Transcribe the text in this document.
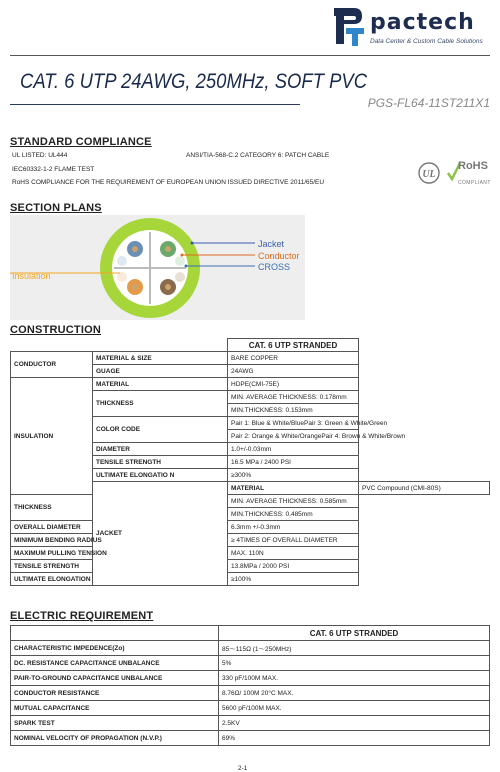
pactech
Data Center & Custom Cable Solutions
CAT. 6 UTP 24AWG, 250MHz, SOFT PVC
PGS-FL64-11ST211X1
STANDARD COMPLIANCE
UL LISTED: UL444	ANSI/TIA-568-C.2 CATEGORY 6: PATCH CABLE
IEC60332-1-2 FLAME TEST
RoHS COMPLIANCE FOR THE REQUIREMENT OF EUROPEAN UNION ISSUED DIRECTIVE 2011/65/EU
UL
RoHS
COMPLIANT
SECTION PLANS
Jacket
Conductor
CROSS
Insulation
CONSTRUCTION
		CAT. 6 UTP STRANDED	
CONDUCTOR	MATERIAL & SIZE	BARE COPPER	
	GUAGE	24AWG	
INSULATION	MATERIAL	HDPE(CMI-75E)	
	THICKNESS	MIN. AVERAGE THICKNESS: 0.178mm	
		MIN.THICKNESS: 0.153mm	
	COLOR CODE	Pair 1: Blue & White/Blue Pair 3: Green & White/Green	

		Pair 2: Orange & White/Orange Pair 4: Brown & White/Brown	

	DIAMETER	1.0+/-0.03mm	
	TENSILE STRENGTH	16.5 MPa / 2400 PSI	
	ULTIMATE ELONGATIO N	≥300%	
	JACKET	MATERIAL	PVC Compound (CMI-80S)
THICKNESS		MIN. AVERAGE THICKNESS: 0.585mm	
		MIN.THICKNESS: 0.485mm	
OVERALL DIAMETER		6.3mm +/-0.3mm	
MINIMUM BENDING RADIUS		≥ 4TIMES OF OVERALL DIAMETER	
MAXIMUM PULLING TENSION		MAX. 110N	
TENSILE STRENGTH		13.8MPa / 2000 PSI	
ULTIMATE ELONGATION		≥100%	
ELECTRIC REQUIREMENT
	CAT. 6 UTP STRANDED
CHARACTERISTIC IMPEDENCE(Zo)	85～115Ω (1～250MHz)
DC. RESISTANCE CAPACITANCE UNBALANCE	5%
PAIR-TO-GROUND CAPACITANCE UNBALANCE	330 pF/100M MAX.
CONDUCTOR RESISTANCE	8.76Ω/ 100M 20°C MAX.
MUTUAL CAPACITANCE	5600 pF/100M MAX.
SPARK TEST	2.5KV
NOMINAL VELOCITY OF PROPAGATION (N.V.P.)	69%
2-1
